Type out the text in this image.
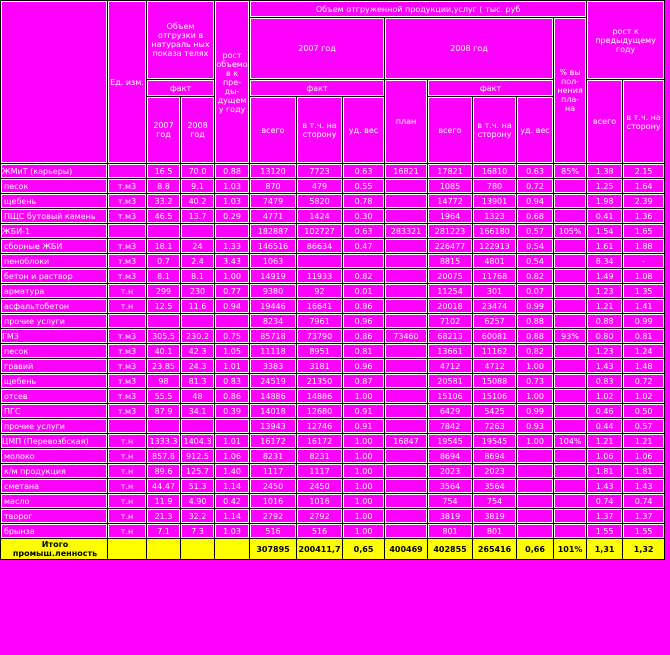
	Ед. изм.	Объем отгрузки в натураль ных показа телях		рост объемов к пре- ды- дущему году	Объем отгруженной продукции,услуг ( тыс. руб								рост к предыдущему году	
					2007 год			2008 год				% вы пол- нения пла- на		
		факт			факт			план	факт				всего	в т.ч. на сторону
		2007 год	2008 год		всего	в т.ч. на сторону	уд. вес		всего	в т.ч. на сторону	уд. вес			
ЖМиТ (карьеры)		16.5	70.0	0.88	13120	7723	0.63	16821	17821	16810	0.63	85%	1.38	2.15
песок	т.м3	8.8	9.1	1.03	870	479	0.55		1085	780	0.72		1.25	1.64
щебень	т.м3	33.2	40.2	1.03	7479	5820	0.78		14772	13901	0.94		1.98	2.39
ПЩС бутовый камень	т.м3	46.5	13.7	0.29	4771	1424	0.30		1964	1323	0.68		0.41	1.36
ЖБИ-1					182887	102727	0.63	283321	281223	166180	0.57	105%	1.54	1.65
сборные ЖБИ	т.м3	18.1	24	1.33	146516	86634	0.47		226477	122913	0.54		1.61	1.88
пеноблоки	т.м3	0.7	2.4	3.43	1063				8815	4801	0.54		8.34	-
бетон и раствор	т.м3	8.1	8.1	1.00	14919	11933	0.82		20075	11768	0.82		1.49	1.08
арматура	т.н	299	230	0.77	9380	92	0.01		11254	301	0.07		1.23	1.35
асфальтобетон	т.н	12.5	11.6	0.94	19446	16641	0.86		20018	23474	0.99		1.21	1.41
прочие услуги					8234	7961	0.96		7102	6257	0.88		0.88	0.99
ГМЗ	т.м3	305.5	230.2	0.75	85718	73790	0.86	73460	68213	60081	0.88	93%	0.80	0.81
песок	т.м3	40.1	42.3	1.05	11118	8951	0.81		13661	11162	0.82		1.23	1.24
гравий	т.м3	23.85	24.3	1.01	3383	3181	0.96		4712	4712	1.00		1.43	1.48
щебень	т.м3	98	81.3	0.83	24519	21350	0.87		20581	15088	0.73		0.83	0.72
отсев	т.м3	55.5	48	0.86	14886	14886	1.00		15106	15106	1.00		1.02	1.02
ПГС	т.м3	87.9	34.1	0.39	14018	12680	0.91		6429	5425	0.99		0.46	0.50
прочие услуги					13943	12746	0.91		7842	7263	0.93		0.44	0.57
ЦМП (Перевозбская)	т.н	1333.3	1404.3	1.01	16172	16172	1.00	16847	19545	19545	1.00	104%	1.21	1.21
молоко	т.н	857.8	912.5	1.06	8231	8231	1.00		8694	8694			1.06	1.06
к/м продукция	т.н	89.6	125.7	1.40	1117	1117	1.00		2023	2023			1.81	1.81
сметана	т.н	44.47	51.3	1.14	2450	2450	1.00		3564	3564			1.43	1.43
масло	т.н	11.9	4.90	0.42	1016	1016	1.00		754	754			0.74	0.74
творог	т.н	21.3	32.2	1.14	2792	2792	1.00		3819	3819			1.37	1.37
брынза	т.н	7.1	7.3	1.03	516	516	1.00		801	801			1.55	1.55
Итого промыш.ленность					307895	200411,7	0,65	400469	402855	265416	0,66	101%	1,31	1,32
